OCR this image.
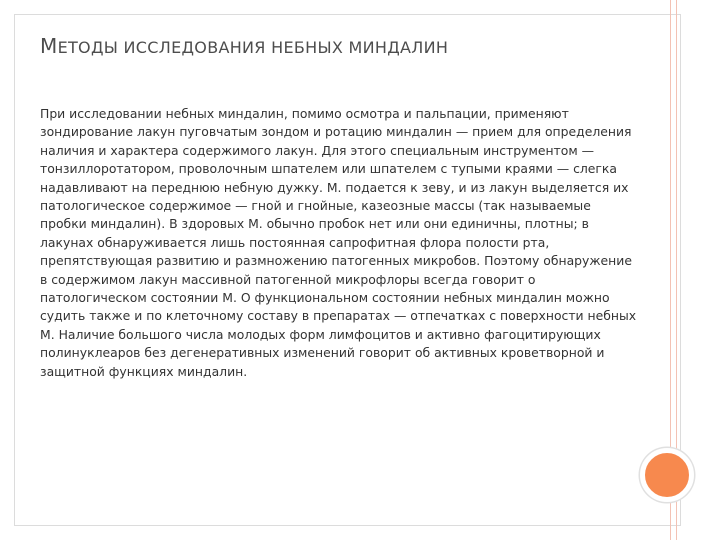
МЕТОДЫ ИССЛЕДОВАНИЯ НЕБНЫХ МИНДАЛИН

При исследовании небных миндалин, помимо осмотра и пальпации, применяют зондирование лакун пуговчатым зондом и ротацию миндалин — прием для определения наличия и характера содержимого лакун. Для этого специальным инструментом — тонзиллоротатором, проволочным шпателем или шпателем с тупыми краями — слегка надавливают на переднюю небную дужку. М. подается к зеву, и из лакун выделяется их патологическое содержимое — гной и гнойные, казеозные массы (так называемые пробки миндалин). В здоровых М. обычно пробок нет или они единичны, плотны; в лакунах обнаруживается лишь постоянная сапрофитная флора полости рта, препятствующая развитию и размножению патогенных микробов. Поэтому обнаружение в содержимом лакун массивной патогенной микрофлоры всегда говорит о патологическом состоянии М. О функциональном состоянии небных миндалин можно судить также и по клеточному составу в препаратах — отпечатках с поверхности небных М. Наличие большого числа молодых форм лимфоцитов и активно фагоцитирующих полинуклеаров без дегенеративных изменений говорит об активных кроветворной и защитной функциях миндалин.
